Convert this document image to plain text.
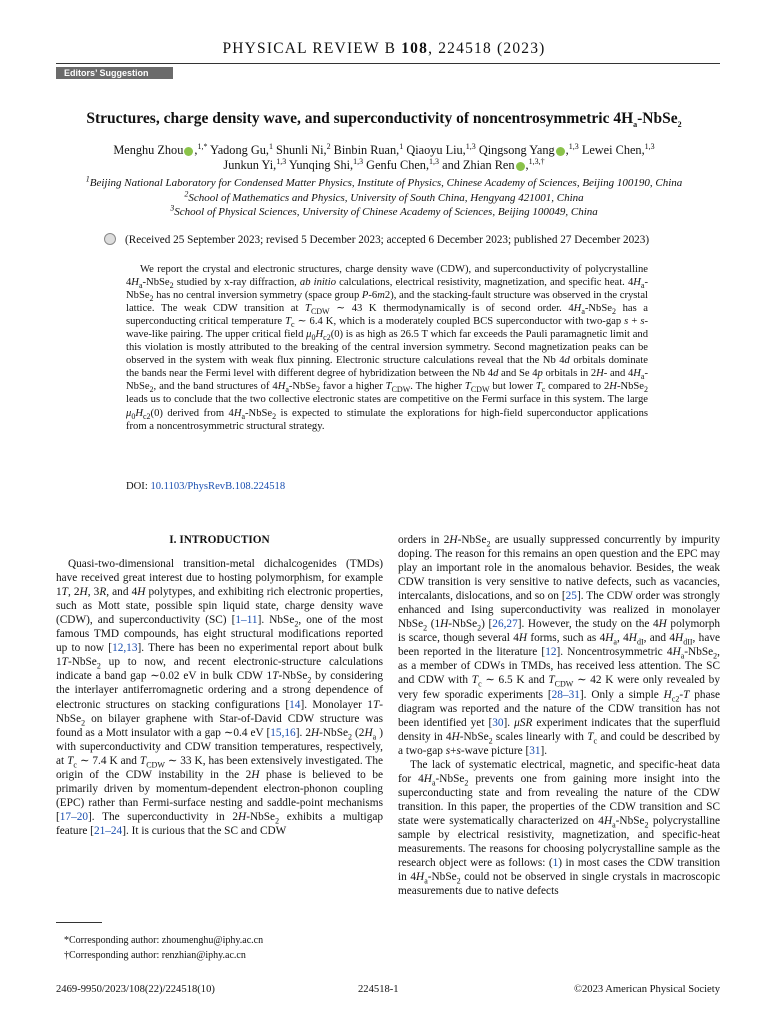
PHYSICAL REVIEW B 108, 224518 (2023)
Editors’ Suggestion
Structures, charge density wave, and superconductivity of noncentrosymmetric $4H_a-NbSe_2$
Menghu Zhou ,$^{1,*}$ Yadong Gu,$^1$ Shunli Ni,$^2$ Binbin Ruan,$^1$ Qiaoyu Liu,$^{1,3}$ Qingsong Yang ,$^{1,3}$ Lewei Chen,$^{1,3}$
Junkun Yi,$^{1,3}$ Yunqing Shi,$^{1,3}$ Genfu Chen,$^{1,3}$ and Zhian Ren ,$^{1,3,\dagger}$
$^1$Beijing National Laboratory for Condensed Matter Physics, Institute of Physics, Chinese Academy of Sciences, Beijing 100190, China
$^2$School of Mathematics and Physics, University of South China, Hengyang 421001, China
$^3$School of Physical Sciences, University of Chinese Academy of Sciences, Beijing 100049, China
(Received 25 September 2023; revised 5 December 2023; accepted 6 December 2023; published 27 December 2023)
We report the crystal and electronic structures, charge density wave (CDW), and superconductivity of polycrystalline $4H_a-NbSe_2$ studied by x-ray diffraction, ab initio calculations, electrical resistivity, magnetization, and specific heat. $4H_a-NbSe_2$ has no central inversion symmetry (space group P-6m2), and the stacking-fault structure was observed in the crystal lattice. The weak CDW transition at $T_{CDW}$ ∼ 43 K thermodynamically is of second order. $4H_a-NbSe_2$ has a superconducting critical temperature $T_c$ ∼ 6.4 K, which is a moderately coupled BCS superconductor with two-gap s + s-wave-like pairing. The upper critical field $\mu_0H_{c2}(0)$ is as high as 26.5 T which far exceeds the Pauli paramagnetic limit and this violation is mostly attributed to the breaking of the central inversion symmetry. Second magnetization peaks can be observed in the system with weak flux pinning. Electronic structure calculations reveal that the Nb 4d orbitals dominate the bands near the Fermi level with different degree of hybridization between the Nb 4d and Se 4p orbitals in 2H- and $4H_a-NbSe_2$, and the band structures of $4H_a-NbSe_2$ favor a higher $T_{CDW}$. The higher $T_{CDW}$ but lower $T_c$ compared to 2H-NbSe$_2$ leads us to conclude that the two collective electronic states are competitive on the Fermi surface in this system. The large $\mu_0H_{c2}(0)$ derived from $4H_a-NbSe_2$ is expected to stimulate the explorations for high-field superconductor applications from a noncentrosymmetric structural strategy.
DOI: 10.1103/PhysRevB.108.224518

I. INTRODUCTION

Quasi-two-dimensional transition-metal dichalcogenides (TMDs) have received great interest due to hosting polymorphism, for example 1T, 2H, 3R, and 4H polytypes, and exhibiting rich electronic properties, such as Mott state, possible spin liquid state, charge density wave (CDW), and superconductivity (SC) [1–11]. NbSe$_2$, one of the most famous TMD compounds, has eight structural modifications reported up to now [12,13]. There has been no experimental report about bulk 1T-NbSe$_2$ up to now, and recent electronic-structure calculations indicate a band gap ∼0.02 eV in bulk CDW 1T-NbSe$_2$ by considering the interlayer antiferromagnetic ordering and a strong dependence of electronic structures on stacking configurations [14]. Monolayer 1T-NbSe$_2$ on bilayer graphene with Star-of-David CDW structure was found as a Mott insulator with a gap ∼0.4 eV [15,16]. 2H-NbSe$_2$ ($2H_a$ ) with superconductivity and CDW transition temperatures, respectively, at $T_c$ ∼ 7.4 K and $T_{CDW}$ ∼ 33 K, has been extensively investigated. The origin of the CDW instability in the 2H phase is believed to be primarily driven by momentum-dependent electron-phonon coupling (EPC) rather than Fermi-surface nesting and saddle-point mechanisms [17–20]. The superconductivity in 2H-NbSe$_2$ exhibits a multigap feature [21–24]. It is curious that the SC and CDW

orders in 2H-NbSe$_2$ are usually suppressed concurrently by impurity doping. The reason for this remains an open question and the EPC may play an important role in the anomalous behavior. Besides, the weak CDW transition is very sensitive to native defects, such as vacancies, intercalants, dislocations, and so on [25]. The CDW order was strongly enhanced and Ising superconductivity was realized in monolayer NbSe$_2$ (1H-NbSe$_2$) [26,27]. However, the study on the 4H polymorph is scarce, though several 4H forms, such as $4H_a$, $4H_{dI}$, and $4H_{dII}$, have been reported in the literature [12]. Noncentrosymmetric $4H_a-NbSe_2$, as a member of CDWs in TMDs, has received less attention. The SC and CDW with $T_c$ ∼ 6.5 K and $T_{CDW}$ ∼ 42 K were only revealed by very few sporadic experiments [28–31]. Only a simple $H_{c2}-T$ phase diagram was reported and the nature of the CDW transition has not been identified yet [30]. μSR experiment indicates that the superfluid density in 4H-NbSe$_2$ scales linearly with $T_c$ and could be described by a two-gap s+s-wave picture [31].

The lack of systematic electrical, magnetic, and specific-heat data for $4H_a-NbSe_2$ prevents one from gaining more insight into the superconducting state and from revealing the nature of the CDW transition. In this paper, the properties of the CDW transition and SC state were systematically characterized on $4H_a-NbSe_2$ polycrystalline sample by electrical resistivity, magnetization, and specific-heat measurements. The reasons for choosing polycrystalline sample as the research object were as follows: (1) in most cases the CDW transition in $4H_a-NbSe_2$ could not be observed in single crystals in macroscopic measurements due to native defects

*Corresponding author: zhoumenghu@iphy.ac.cn
†Corresponding author: renzhian@iphy.ac.cn
2469-9950/2023/108(22)/224518(10)	224518-1	©2023 American Physical Society
